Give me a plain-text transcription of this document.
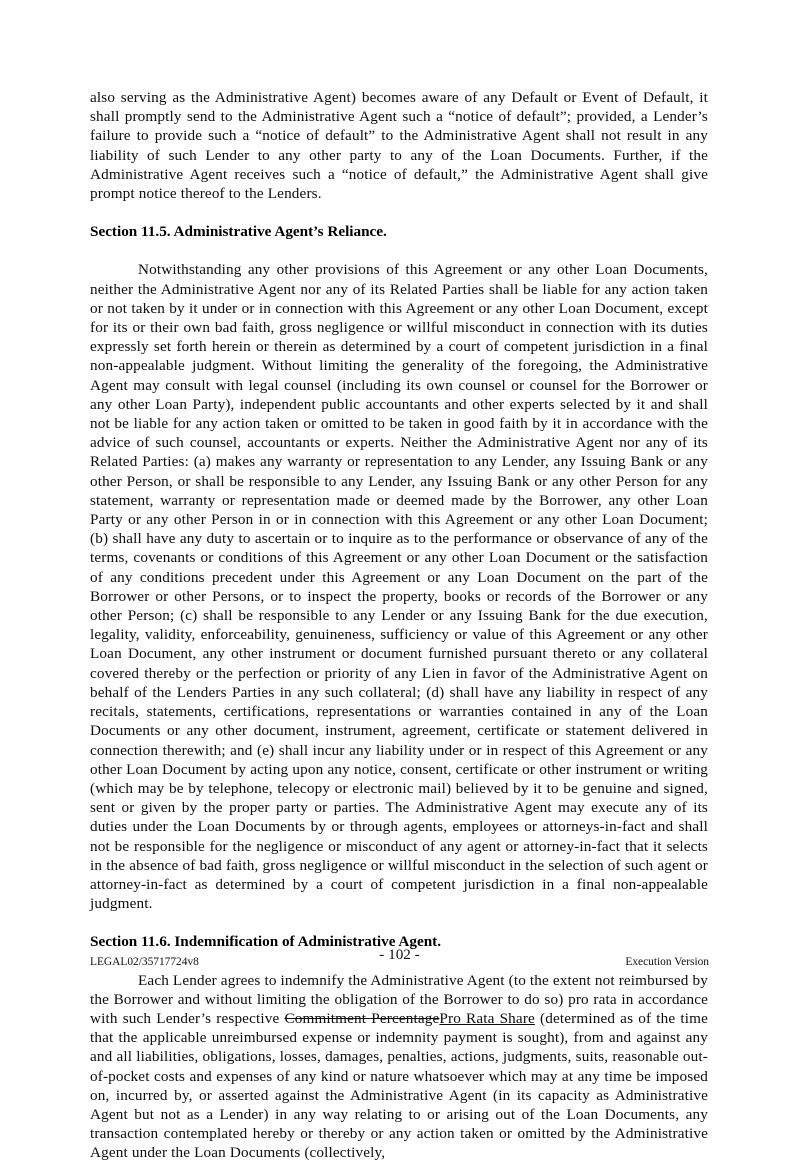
also serving as the Administrative Agent) becomes aware of any Default or Event of Default, it shall promptly send to the Administrative Agent such a “notice of default”; provided, a Lender’s failure to provide such a “notice of default” to the Administrative Agent shall not result in any liability of such Lender to any other party to any of the Loan Documents. Further, if the Administrative Agent receives such a “notice of default,” the Administrative Agent shall give prompt notice thereof to the Lenders.

Section 11.5. Administrative Agent’s Reliance.

Notwithstanding any other provisions of this Agreement or any other Loan Documents, neither the Administrative Agent nor any of its Related Parties shall be liable for any action taken or not taken by it under or in connection with this Agreement or any other Loan Document, except for its or their own bad faith, gross negligence or willful misconduct in connection with its duties expressly set forth herein or therein as determined by a court of competent jurisdiction in a final non-appealable judgment. Without limiting the generality of the foregoing, the Administrative Agent may consult with legal counsel (including its own counsel or counsel for the Borrower or any other Loan Party), independent public accountants and other experts selected by it and shall not be liable for any action taken or omitted to be taken in good faith by it in accordance with the advice of such counsel, accountants or experts. Neither the Administrative Agent nor any of its Related Parties: (a) makes any warranty or representation to any Lender, any Issuing Bank or any other Person, or shall be responsible to any Lender, any Issuing Bank or any other Person for any statement, warranty or representation made or deemed made by the Borrower, any other Loan Party or any other Person in or in connection with this Agreement or any other Loan Document; (b) shall have any duty to ascertain or to inquire as to the performance or observance of any of the terms, covenants or conditions of this Agreement or any other Loan Document or the satisfaction of any conditions precedent under this Agreement or any Loan Document on the part of the Borrower or other Persons, or to inspect the property, books or records of the Borrower or any other Person; (c) shall be responsible to any Lender or any Issuing Bank for the due execution, legality, validity, enforceability, genuineness, sufficiency or value of this Agreement or any other Loan Document, any other instrument or document furnished pursuant thereto or any collateral covered thereby or the perfection or priority of any Lien in favor of the Administrative Agent on behalf of the Lenders Parties in any such collateral; (d) shall have any liability in respect of any recitals, statements, certifications, representations or warranties contained in any of the Loan Documents or any other document, instrument, agreement, certificate or statement delivered in connection therewith; and (e) shall incur any liability under or in respect of this Agreement or any other Loan Document by acting upon any notice, consent, certificate or other instrument or writing (which may be by telephone, telecopy or electronic mail) believed by it to be genuine and signed, sent or given by the proper party or parties. The Administrative Agent may execute any of its duties under the Loan Documents by or through agents, employees or attorneys-in-fact and shall not be responsible for the negligence or misconduct of any agent or attorney-in-fact that it selects in the absence of bad faith, gross negligence or willful misconduct in the selection of such agent or attorney-in-fact as determined by a court of competent jurisdiction in a final non-appealable judgment.

Section 11.6. Indemnification of Administrative Agent.

Each Lender agrees to indemnify the Administrative Agent (to the extent not reimbursed by the Borrower and without limiting the obligation of the Borrower to do so) pro rata in accordance with such Lender’s respective Commitment PercentagePro Rata Share (determined as of the time that the applicable unreimbursed expense or indemnity payment is sought), from and against any and all liabilities, obligations, losses, damages, penalties, actions, judgments, suits, reasonable out-of-pocket costs and expenses of any kind or nature whatsoever which may at any time be imposed on, incurred by, or asserted against the Administrative Agent (in its capacity as Administrative Agent but not as a Lender) in any way relating to or arising out of the Loan Documents, any transaction contemplated hereby or thereby or any action taken or omitted by the Administrative Agent under the Loan Documents (collectively,

- 102 -
LEGAL02/35717724v8	Execution Version
